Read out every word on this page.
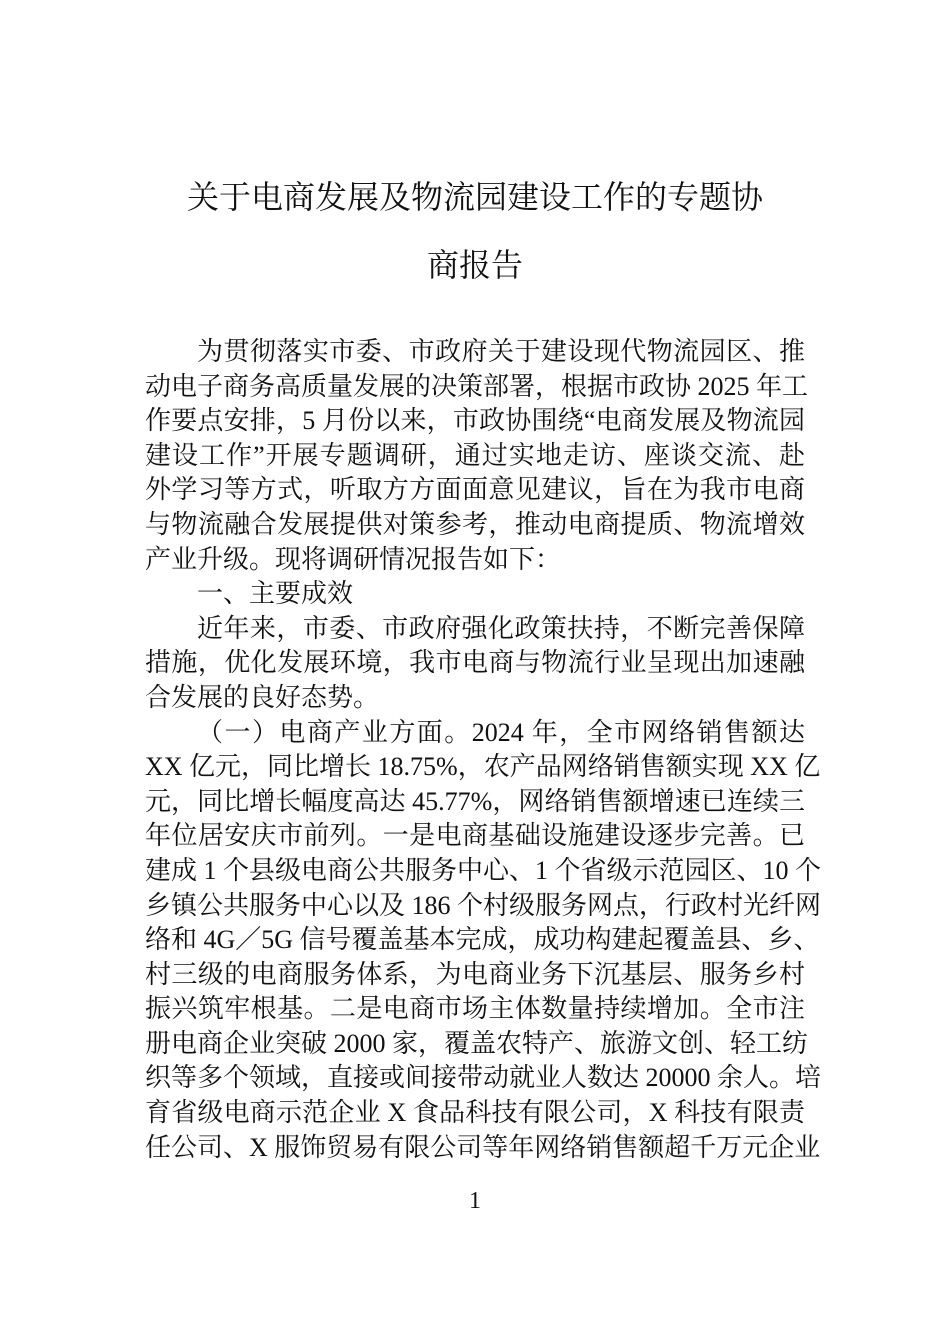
关于电商发展及物流园建设工作的专题协
商报告
为贯彻落实市委、市政府关于建设现代物流园区、推
动电子商务高质量发展的决策部署，根据市政协 2025 年工
作要点安排，5 月份以来，市政协围绕“电商发展及物流园
建设工作”开展专题调研，通过实地走访、座谈交流、赴
外学习等方式，听取方方面面意见建议，旨在为我市电商
与物流融合发展提供对策参考，推动电商提质、物流增效
产业升级。现将调研情况报告如下：
一、主要成效
近年来，市委、市政府强化政策扶持，不断完善保障
措施，优化发展环境，我市电商与物流行业呈现出加速融
合发展的良好态势。
（一）电商产业方面。2024 年，全市网络销售额达
XX 亿元，同比增长 18.75%，农产品网络销售额实现 XX 亿
元，同比增长幅度高达 45.77%，网络销售额增速已连续三
年位居安庆市前列。一是电商基础设施建设逐步完善。已
建成 1 个县级电商公共服务中心、1 个省级示范园区、10 个
乡镇公共服务中心以及 186 个村级服务网点，行政村光纤网
络和 4G／5G 信号覆盖基本完成，成功构建起覆盖县、乡、
村三级的电商服务体系，为电商业务下沉基层、服务乡村
振兴筑牢根基。二是电商市场主体数量持续增加。全市注
册电商企业突破 2000 家，覆盖农特产、旅游文创、轻工纺
织等多个领域，直接或间接带动就业人数达 20000 余人。培
育省级电商示范企业 X 食品科技有限公司，X 科技有限责
任公司、X 服饰贸易有限公司等年网络销售额超千万元企业
1
